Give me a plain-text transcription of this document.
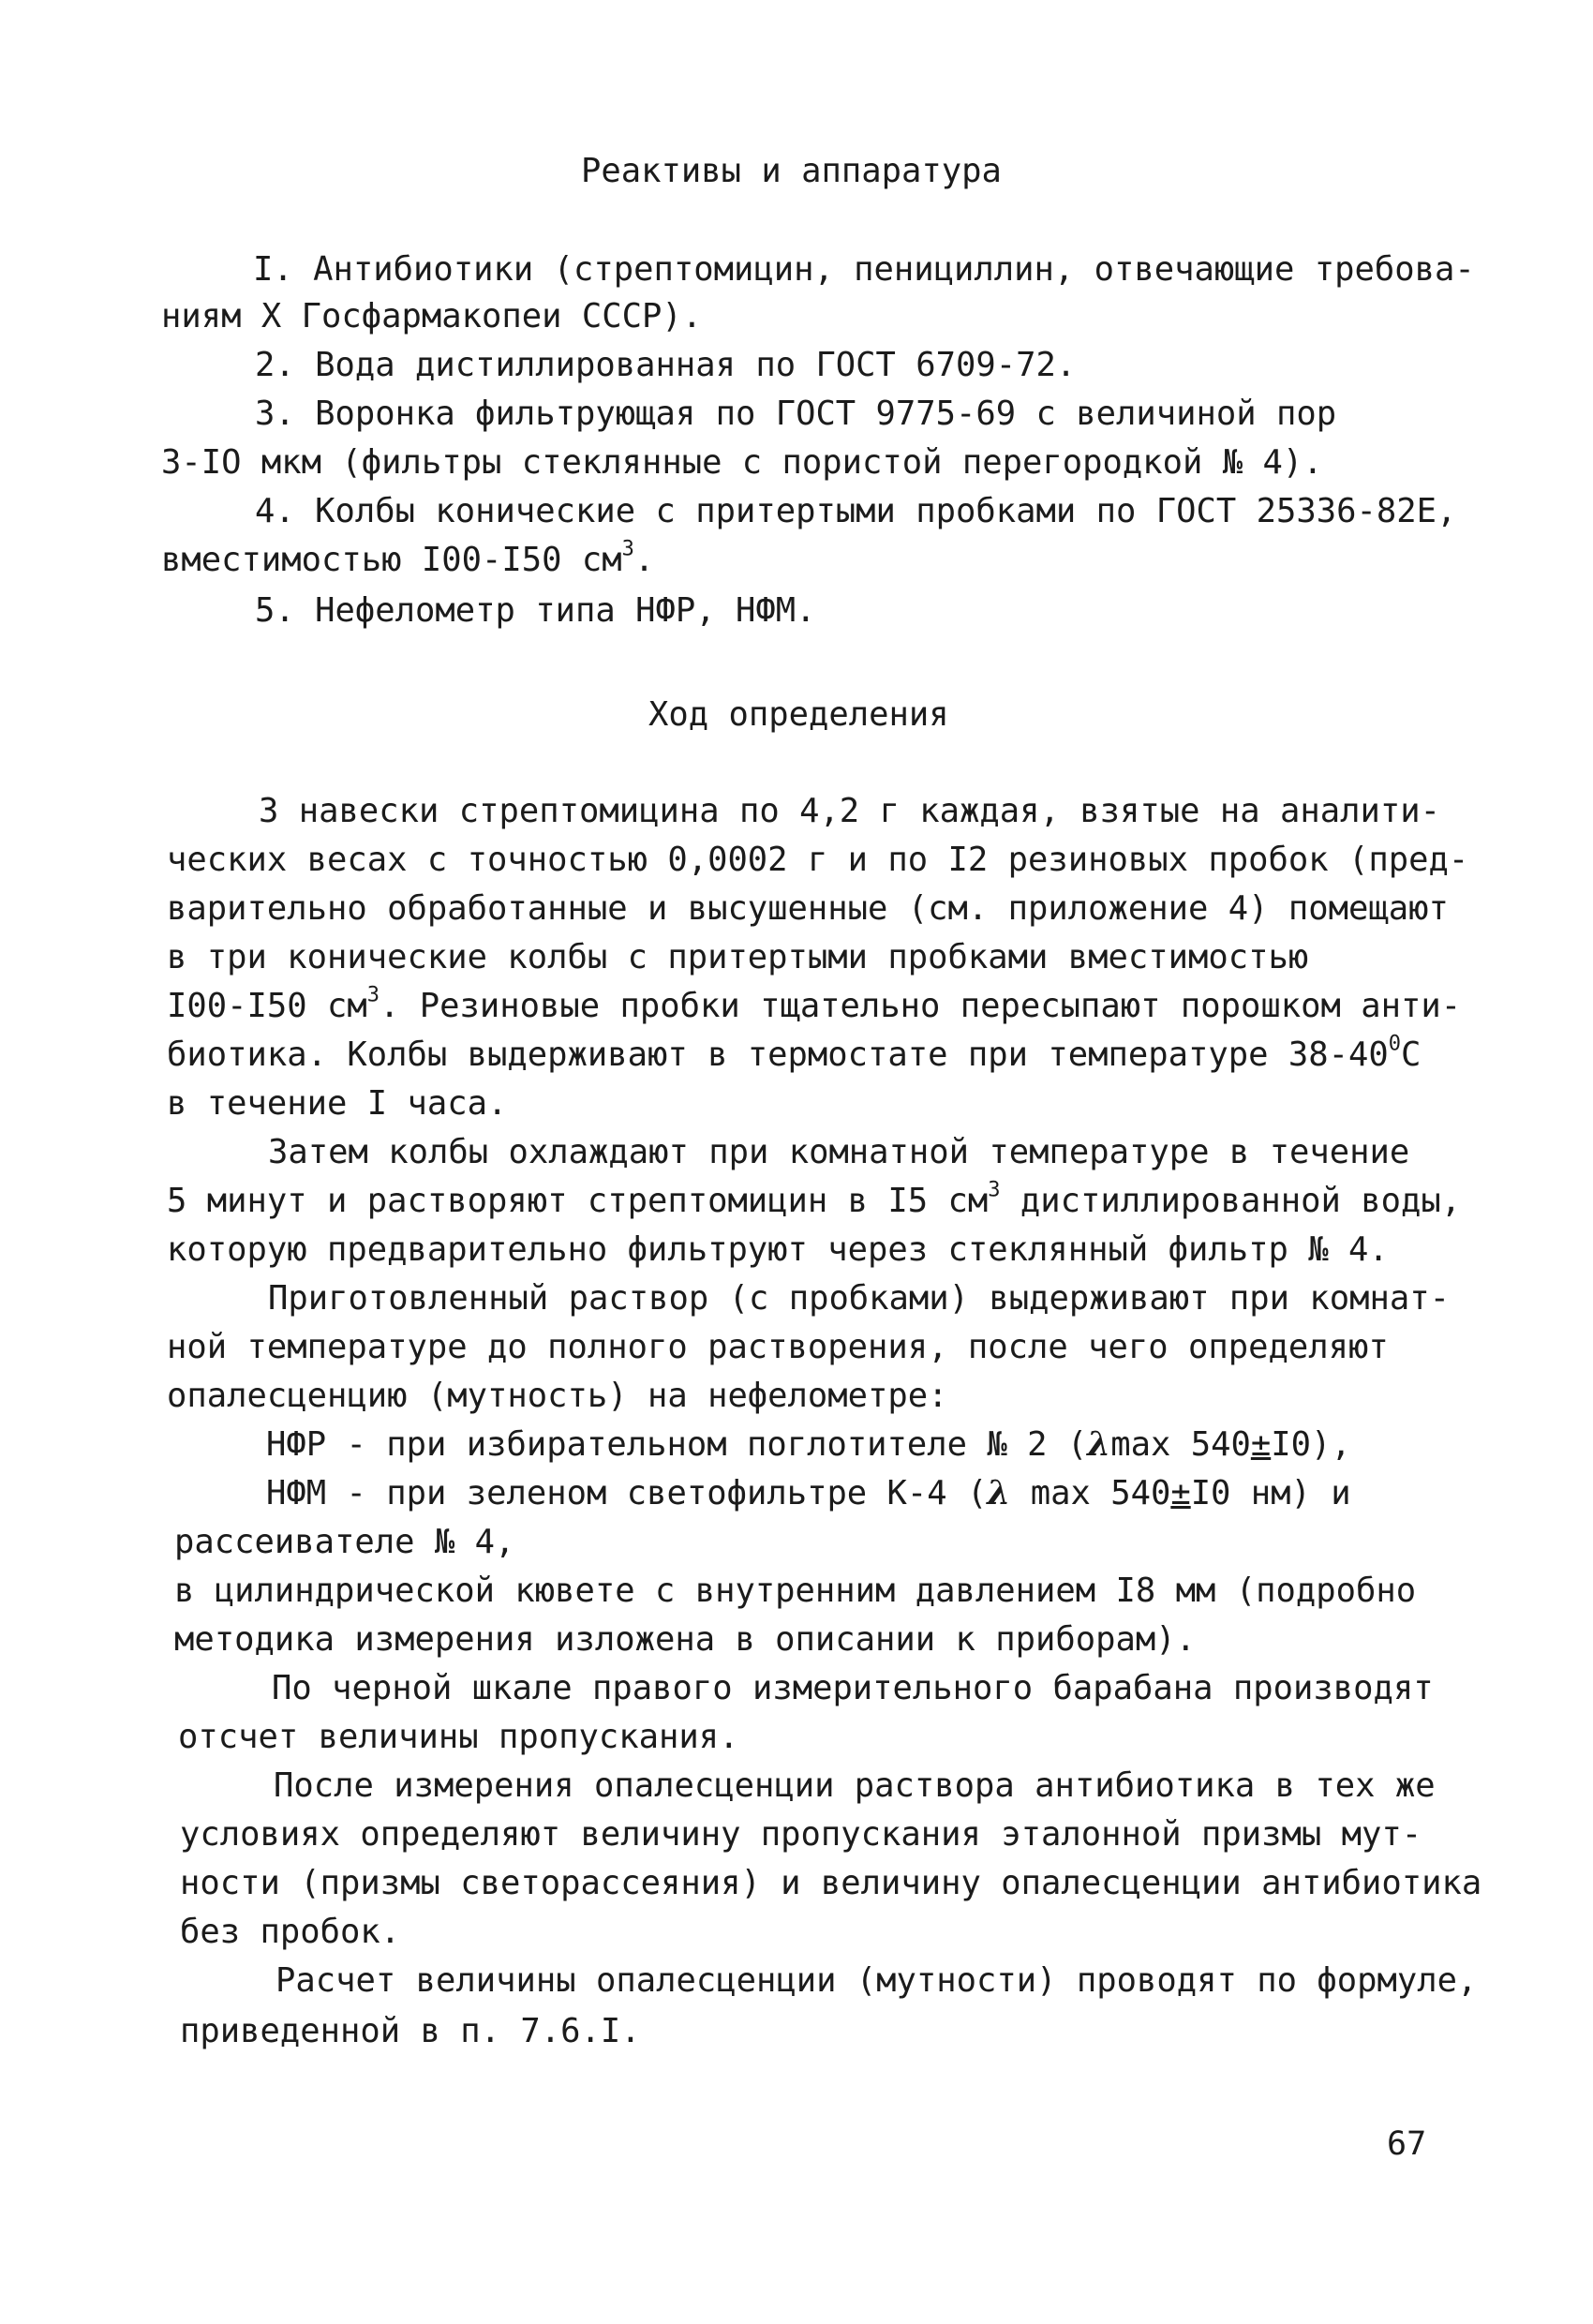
Реактивы и аппаратура
I. Антибиотики (стрептомицин, пенициллин, отвечающие требова-
ниям X Госфармакопеи СССР).
2. Вода дистиллированная по ГОСТ 6709-72.
3. Воронка фильтрующая по ГОСТ 9775-69 с величиной пор
3-IO мкм (фильтры стеклянные с пористой перегородкой № 4).
4. Колбы конические с притертыми пробками по ГОСТ 25336-82Е,
вместимостью I00-I50 $см^3$.
5. Нефелометр типа НФР, НФМ.
Ход определения
3 навески стрептомицина по 4,2 г каждая, взятые на аналити-
ческих весах с точностью 0,0002 г и по I2 резиновых пробок (пред-
варительно обработанные и высушенные (см. приложение 4) помещают
в три конические колбы с притертыми пробками вместимостью
I00-I50 $см^3$. Резиновые пробки тщательно пересыпают порошком анти-
биотика. Колбы выдерживают в термостате при температуре $38-40^0С$
в течение I часа.
Затем колбы охлаждают при комнатной температуре в течение
5 минут и растворяют стрептомицин в I5 $см^3$ дистиллированной воды,
которую предварительно фильтруют через стеклянный фильтр № 4.
Приготовленный раствор (с пробками) выдерживают при комнат-
ной температуре до полного растворения, после чего определяют
опалесценцию (мутность) на нефелометре:
НФР - при избирательном поглотителе № 2 (λmax 540±I0),
НФМ - при зеленом светофильтре К-4 (λ max 540±I0 нм) и
рассеивателе № 4,
в цилиндрической кювете с внутренним давлением I8 мм (подробно
методика измерения изложена в описании к приборам).
По черной шкале правого измерительного барабана производят
отсчет величины пропускания.
После измерения опалесценции раствора антибиотика в тех же
условиях определяют величину пропускания эталонной призмы мут-
ности (призмы светорассеяния) и величину опалесценции антибиотика
без пробок.
Расчет величины опалесценции (мутности) проводят по формуле,
приведенной в п. 7.6.I.
67
